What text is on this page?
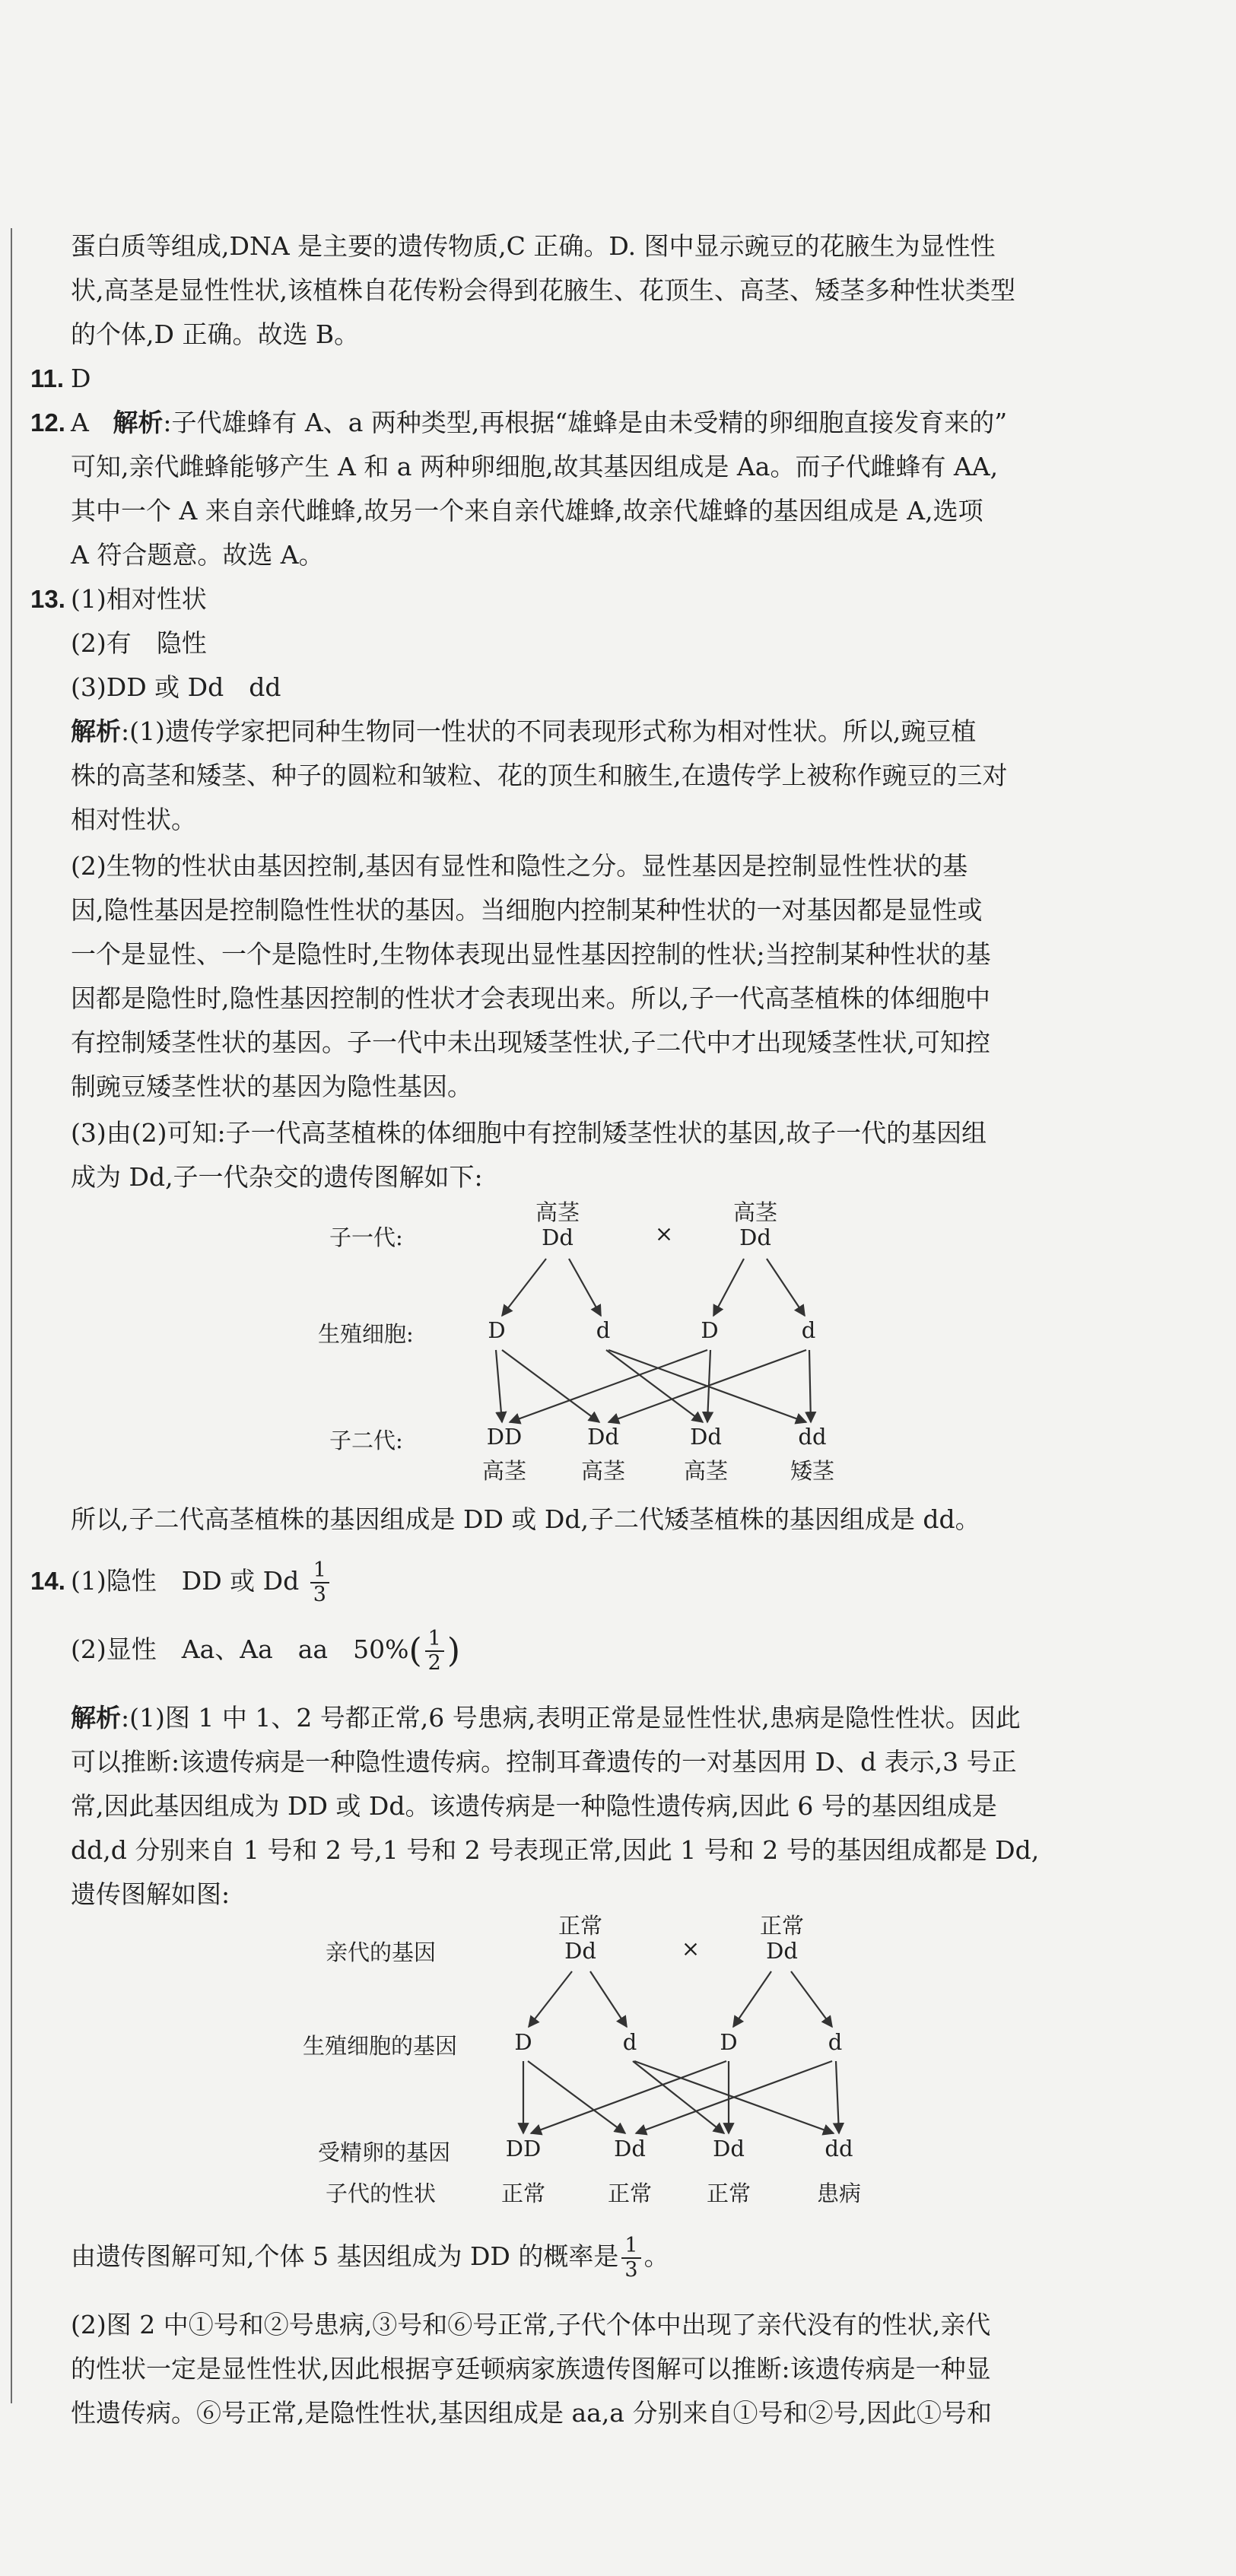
蛋白质等组成,DNA 是主要的遗传物质,C 正确。D. 图中显示豌豆的花腋生为显性性
状,高茎是显性性状,该植株自花传粉会得到花腋生、花顶生、高茎、矮茎多种性状类型
的个体,D 正确。故选 B。
11. D
12. A 解析:子代雄蜂有 A、a 两种类型,再根据“雄蜂是由未受精的卵细胞直接发育来的”
可知,亲代雌蜂能够产生 A 和 a 两种卵细胞,故其基因组成是 Aa。而子代雌蜂有 AA,
其中一个 A 来自亲代雌蜂,故另一个来自亲代雄蜂,故亲代雄蜂的基因组成是 A,选项
A 符合题意。故选 A。
13. (1)相对性状
(2)有　隐性
(3)DD 或 Dd　dd
解析:(1)遗传学家把同种生物同一性状的不同表现形式称为相对性状。所以,豌豆植
株的高茎和矮茎、种子的圆粒和皱粒、花的顶生和腋生,在遗传学上被称作豌豆的三对
相对性状。
(2)生物的性状由基因控制,基因有显性和隐性之分。显性基因是控制显性性状的基
因,隐性基因是控制隐性性状的基因。当细胞内控制某种性状的一对基因都是显性或
一个是显性、一个是隐性时,生物体表现出显性基因控制的性状;当控制某种性状的基
因都是隐性时,隐性基因控制的性状才会表现出来。所以,子一代高茎植株的体细胞中
有控制矮茎性状的基因。子一代中未出现矮茎性状,子二代中才出现矮茎性状,可知控
制豌豆矮茎性状的基因为隐性基因。
(3)由(2)可知:子一代高茎植株的体细胞中有控制矮茎性状的基因,故子一代的基因组
成为 Dd,子一代杂交的遗传图解如下:
子一代:
生殖细胞:
子二代:
高茎
Dd	×
高茎
Dd
D	d	D	d
DD	Dd	Dd	dd
高茎 高茎	高茎	矮茎
所以,子二代高茎植株的基因组成是 DD 或 Dd,子二代矮茎植株的基因组成是 dd。
14. (1)隐性　DD 或 Dd $\frac{1}{3}$
(2)显性　Aa、Aa　aa　$50\%( \frac{1}{2}$ )
解析:(1)图 1 中 1、2 号都正常,6 号患病,表明正常是显性性状,患病是隐性性状。因此
可以推断:该遗传病是一种隐性遗传病。控制耳聋遗传的一对基因用 D、d 表示,3 号正
常,因此基因组成为 DD 或 Dd。该遗传病是一种隐性遗传病,因此 6 号的基因组成是
dd,d 分别来自 1 号和 2 号,1 号和 2 号表现正常,因此 1 号和 2 号的基因组成都是 Dd,
遗传图解如图:
亲代的基因
生殖细胞的基因
受精卵的基因
子代的性状
正常
Dd	×
正常
Dd
D	d	D	d
DD	Dd	Dd	dd
正常	正常 正常	患病
由遗传图解可知,个体 5 基因组成为 DD 的概率是 $\frac{1}{3}$ 。
(2)图 2 中①号和②号患病,③号和⑥号正常,子代个体中出现了亲代没有的性状,亲代
的性状一定是显性性状,因此根据亨廷顿病家族遗传图解可以推断:该遗传病是一种显
性遗传病。⑥号正常,是隐性性状,基因组成是 aa,a 分别来自①号和②号,因此①号和
